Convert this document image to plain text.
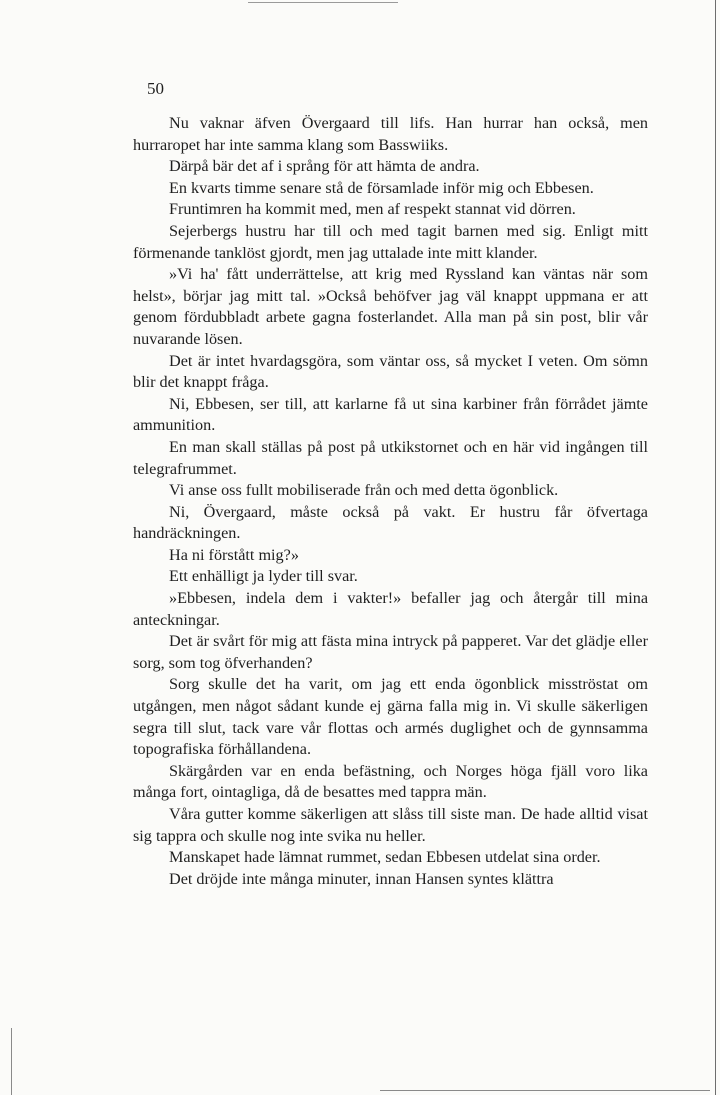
50

Nu vaknar äfven Övergaard till lifs. Han hurrar han också, men hurraropet har inte samma klang som Basswiiks.

Därpå bär det af i språng för att hämta de andra.

En kvarts timme senare stå de församlade inför mig och Ebbesen.

Fruntimren ha kommit med, men af respekt stannat vid dörren.

Sejerbergs hustru har till och med tagit barnen med sig. Enligt mitt förmenande tanklöst gjordt, men jag uttalade inte mitt klander.

»Vi ha' fått underrättelse, att krig med Ryssland kan väntas när som helst», börjar jag mitt tal. »Också behöfver jag väl knappt uppmana er att genom fördubbladt arbete gagna fosterlandet. Alla man på sin post, blir vår nuvarande lösen.

Det är intet hvardagsgöra, som väntar oss, så mycket I veten. Om sömn blir det knappt fråga.

Ni, Ebbesen, ser till, att karlarne få ut sina karbiner från förrådet jämte ammunition.

En man skall ställas på post på utkikstornet och en här vid ingången till telegrafrummet.

Vi anse oss fullt mobiliserade från och med detta ögonblick.

Ni, Övergaard, måste också på vakt. Er hustru får öfvertaga handräckningen.

Ha ni förstått mig?»

Ett enhälligt ja lyder till svar.

»Ebbesen, indela dem i vakter!» befaller jag och återgår till mina anteckningar.

Det är svårt för mig att fästa mina intryck på papperet. Var det glädje eller sorg, som tog öfverhanden?

Sorg skulle det ha varit, om jag ett enda ögonblick misströstat om utgången, men något sådant kunde ej gärna falla mig in. Vi skulle säkerligen segra till slut, tack vare vår flottas och armés duglighet och de gynnsamma topografiska förhållandena.

Skärgården var en enda befästning, och Norges höga fjäll voro lika många fort, ointagliga, då de besattes med tappra män.

Våra gutter komme säkerligen att slåss till siste man. De hade alltid visat sig tappra och skulle nog inte svika nu heller.

Manskapet hade lämnat rummet, sedan Ebbesen utdelat sina order.

Det dröjde inte många minuter, innan Hansen syntes klättra
